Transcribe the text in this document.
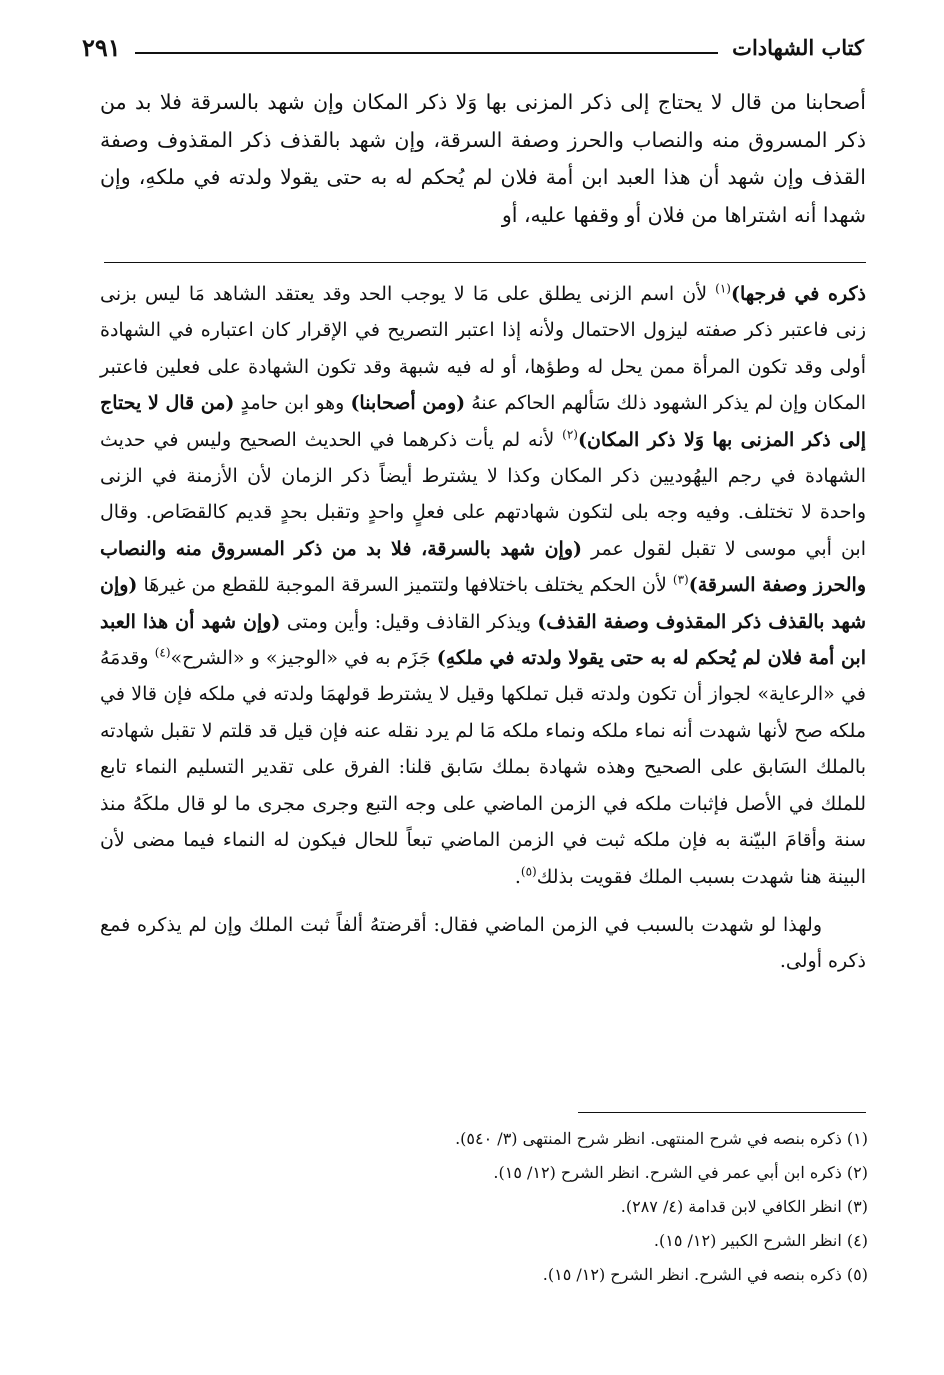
كتاب الشهادات
٢٩١

أصحابنا من قال لا يحتاج إلى ذكر المزنى بها وَلا ذكر المكان وإن شهد بالسرقة فلا بد من ذكر المسروق منه والنصاب والحرز وصفة السرقة، وإن شهد بالقذف ذكر المقذوف وصفة القذف وإن شهد أن هذا العبد ابن أمة فلان لم يُحكم له به حتى يقولا ولدته في ملكهِ، وإن شهدا أنه اشتراها من فلان أو وقفها عليه، أو

ذكره في فرجها)$^{(١)}$ لأن اسم الزنى يطلق على مَا لا يوجب الحد وقد يعتقد الشاهد مَا ليس بزنى زنى فاعتبر ذكر صفته ليزول الاحتمال ولأنه إذا اعتبر التصريح في الإقرار كان اعتباره في الشهادة أولى وقد تكون المرأة ممن يحل له وطؤها، أو له فيه شبهة وقد تكون الشهادة على فعلين فاعتبر المكان وإن لم يذكر الشهود ذلك سَألهم الحاكم عنهُ (ومن أصحابنا) وهو ابن حامدٍ (من قال لا يحتاج إلى ذكر المزنى بها وَلا ذكر المكان)$^{(٢)}$ لأنه لم يأت ذكرهما في الحديث الصحيح وليس في حديث الشهادة في رجم اليهُوديين ذكر المكان وكذا لا يشترط أيضاً ذكر الزمان لأن الأزمنة في الزنى واحدة لا تختلف. وفيه وجه بلى لتكون شهادتهم على فعلٍ واحدٍ وتقبل بحدٍ قديم كالقصَاص. وقال ابن أبي موسى لا تقبل لقول عمر (وإن شهد بالسرقة، فلا بد من ذكر المسروق منه والنصاب والحرز وصفة السرقة)$^{(٣)}$ لأن الحكم يختلف باختلافها ولتتميز السرقة الموجبة للقطع من غيرهَا (وإن شهد بالقذف ذكر المقذوف وصفة القذف) ويذكر القاذف وقيل: وأين ومتى (وإن شهد أن هذا العبد ابن أمة فلان لم يُحكم له به حتى يقولا ولدته في ملكهِ) جَزَم به في «الوجيز» و «الشرح»$^{(٤)}$ وقدمَهُ في «الرعاية» لجواز أن تكون ولدته قبل تملكها وقيل لا يشترط قولهمَا ولدته في ملكه فإن قالا في ملكه صح لأنها شهدت أنه نماء ملكه ونماء ملكه مَا لم يرد نقله عنه فإن قيل قد قلتم لا تقبل شهادته بالملك السَابق على الصحيح وهذه شهادة بملك سَابق قلنا: الفرق على تقدير التسليم النماء تابع للملك في الأصل فإثبات ملكه في الزمن الماضي على وجه التبع وجرى مجرى ما لو قال ملكَهُ منذ سنة وأقامَ البيّنة به فإن ملكه ثبت في الزمن الماضي تبعاً للحال فيكون له النماء فيما مضى لأن البينة هنا شهدت بسبب الملك فقويت بذلك$^{(٥)}$.

ولهذا لو شهدت بالسبب في الزمن الماضي فقال: أقرضتهُ ألفاً ثبت الملك وإن لم يذكره فمع ذكره أولى.

(١) ذكره بنصه في شرح المنتهى. انظر شرح المنتهى (٣/ ٥٤٠).
(٢) ذكره ابن أبي عمر في الشرح. انظر الشرح (١٢/ ١٥).
(٣) انظر الكافي لابن قدامة (٤/ ٢٨٧).
(٤) انظر الشرح الكبير (١٢/ ١٥).
(٥) ذكره بنصه في الشرح. انظر الشرح (١٢/ ١٥).
